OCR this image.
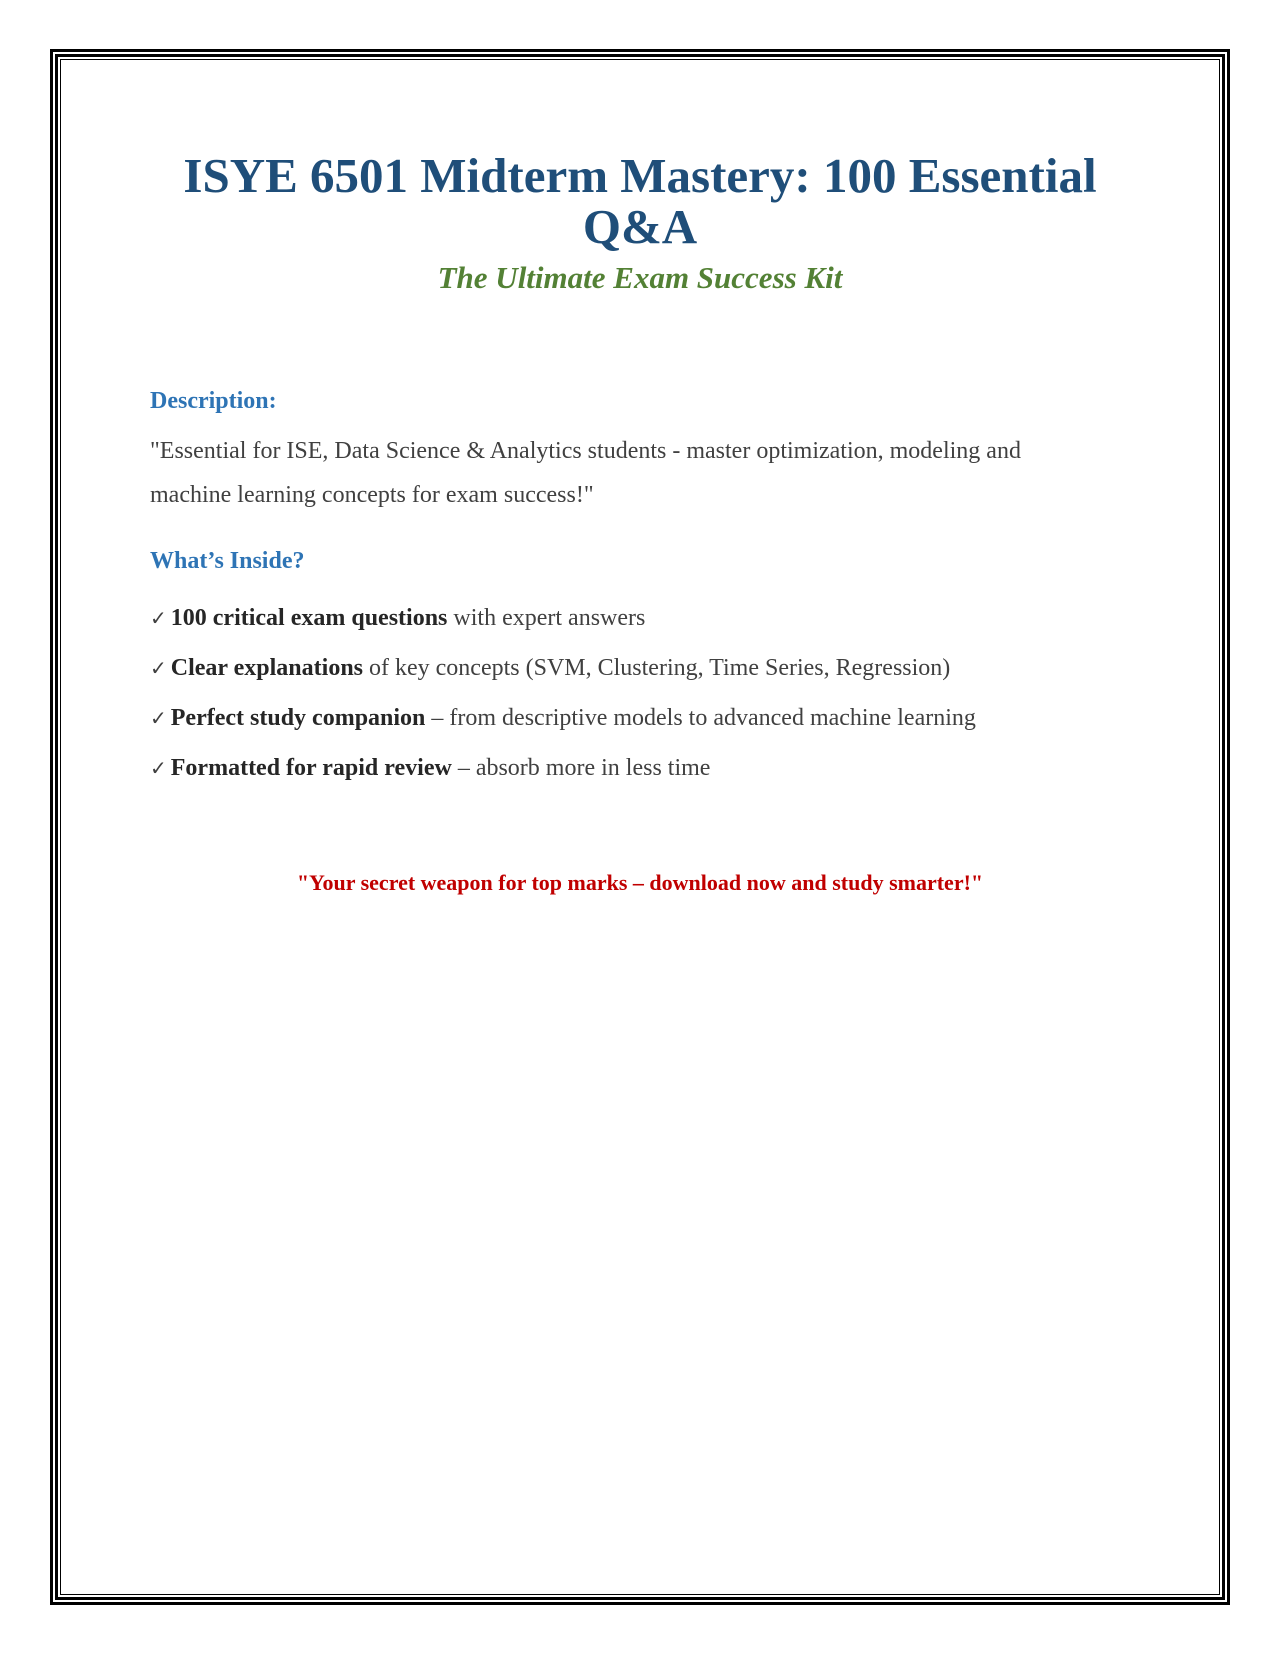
ISYE 6501 Midterm Mastery: 100 Essential Q&A

The Ultimate Exam Success Kit

Description:

"Essential for ISE, Data Science & Analytics students - master optimization, modeling and machine learning concepts for exam success!"

What’s Inside?
✓ 100 critical exam questions with expert answers
✓ Clear explanations of key concepts (SVM, Clustering, Time Series, Regression)
✓ Perfect study companion – from descriptive models to advanced machine learning
✓ Formatted for rapid review – absorb more in less time

"Your secret weapon for top marks – download now and study smarter!"
